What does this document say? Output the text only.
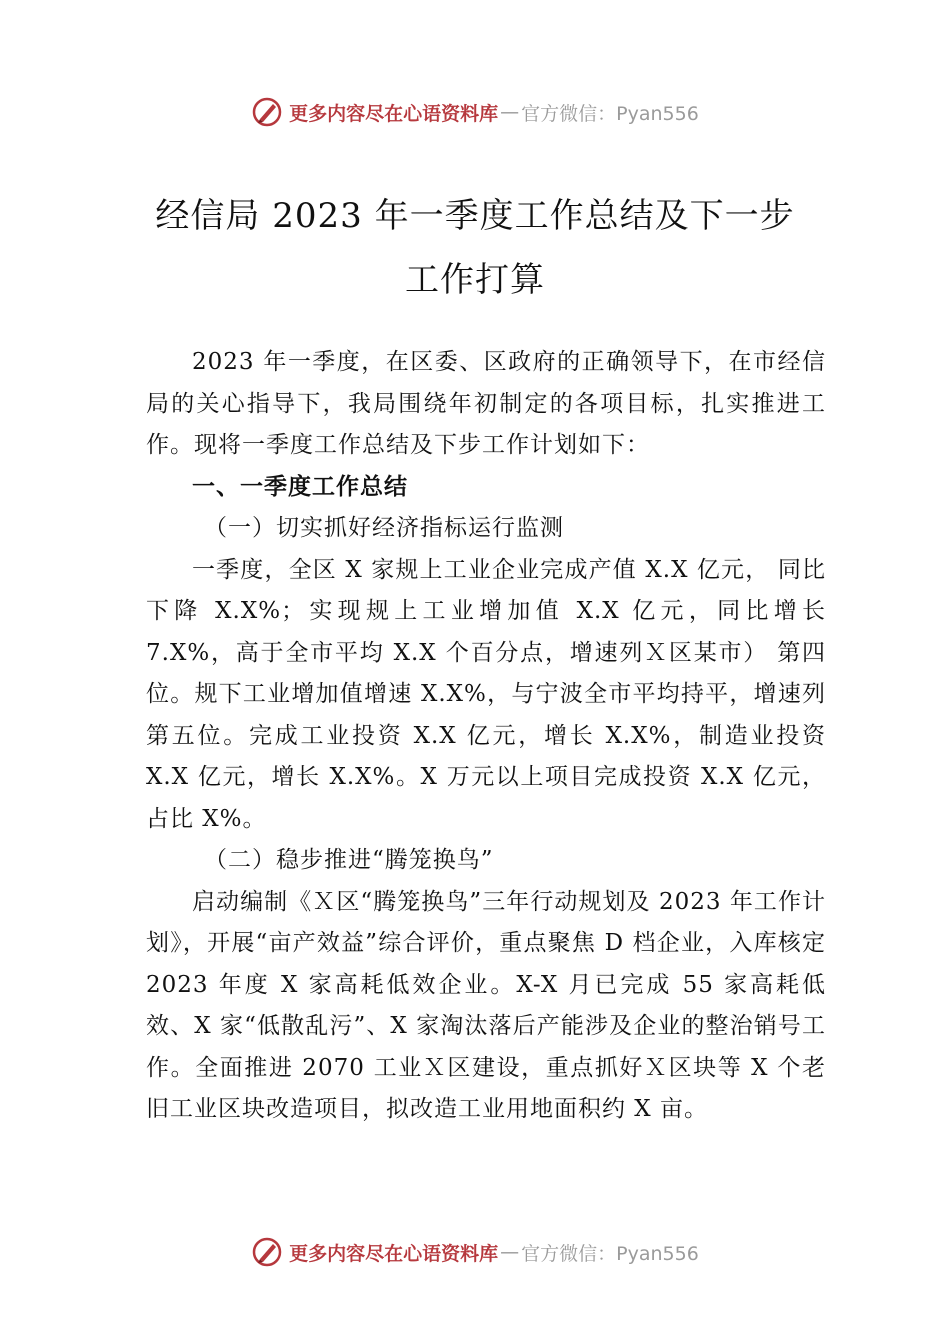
更多内容尽在心语资料库 — 官方微信：Pyan556
经信局 2023 年一季度工作总结及下一步
工作打算

2023 年一季度，在区委、区政府的正确领导下，在市经信局的关心指导下，我局围绕年初制定的各项目标，扎实推进工作。现将一季度工作总结及下步工作计划如下：

一、一季度工作总结

（一）切实抓好经济指标运行监测

一季度，全区 X 家规上工业企业完成产值 X.X 亿元， 同比下降 X.X%；实现规上工业增加值 X.X 亿元，同比增长 7.X%，高于全市平均 X.X 个百分点，增速列Ｘ区某市） 第四位。规下工业增加值增速 X.X%，与宁波全市平均持平，增速列第五位。完成工业投资 X.X 亿元，增长 X.X%，制造业投资 X.X 亿元，增长 X.X%。X 万元以上项目完成投资 X.X 亿元，占比 X%。

（二）稳步推进“腾笼换鸟”

启动编制《Ｘ区“腾笼换鸟”三年行动规划及 2023 年工作计划》，开展“亩产效益”综合评价，重点聚焦 D 档企业，入库核定 2023 年度 X 家高耗低效企业。X-X 月已完成 55 家高耗低效、X 家“低散乱污”、X 家淘汰落后产能涉及企业的整治销号工作。全面推进 2070 工业Ｘ区建设，重点抓好Ｘ区块等 X 个老旧工业区块改造项目，拟改造工业用地面积约 X 亩。

更多内容尽在心语资料库 — 官方微信：Pyan556
